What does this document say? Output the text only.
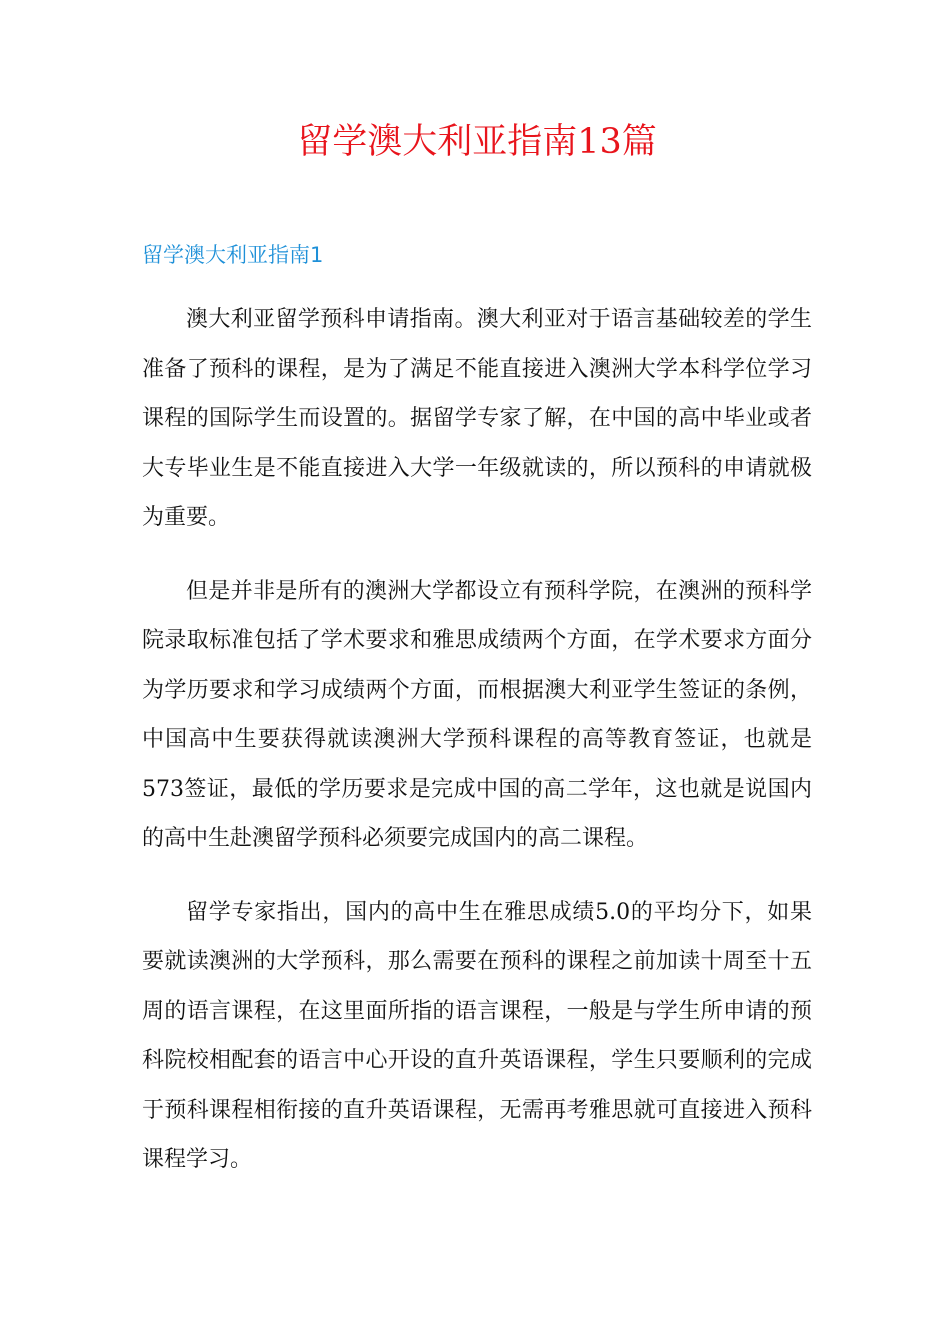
留学澳大利亚指南13篇
留学澳大利亚指南1

澳大利亚留学预科申请指南。澳大利亚对于语言基础较差的学生准备了预科的课程，是为了满足不能直接进入澳洲大学本科学位学习课程的国际学生而设置的。据留学专家了解，在中国的高中毕业或者大专毕业生是不能直接进入大学一年级就读的，所以预科的申请就极为重要。

但是并非是所有的澳洲大学都设立有预科学院，在澳洲的预科学院录取标准包括了学术要求和雅思成绩两个方面，在学术要求方面分为学历要求和学习成绩两个方面，而根据澳大利亚学生签证的条例，中国高中生要获得就读澳洲大学预科课程的高等教育签证，也就是573签证，最低的学历要求是完成中国的高二学年，这也就是说国内的高中生赴澳留学预科必须要完成国内的高二课程。

留学专家指出，国内的高中生在雅思成绩5.0的平均分下，如果要就读澳洲的大学预科，那么需要在预科的课程之前加读十周至十五周的语言课程，在这里面所指的语言课程，一般是与学生所申请的预科院校相配套的语言中心开设的直升英语课程，学生只要顺利的完成于预科课程相衔接的直升英语课程，无需再考雅思就可直接进入预科课程学习。
